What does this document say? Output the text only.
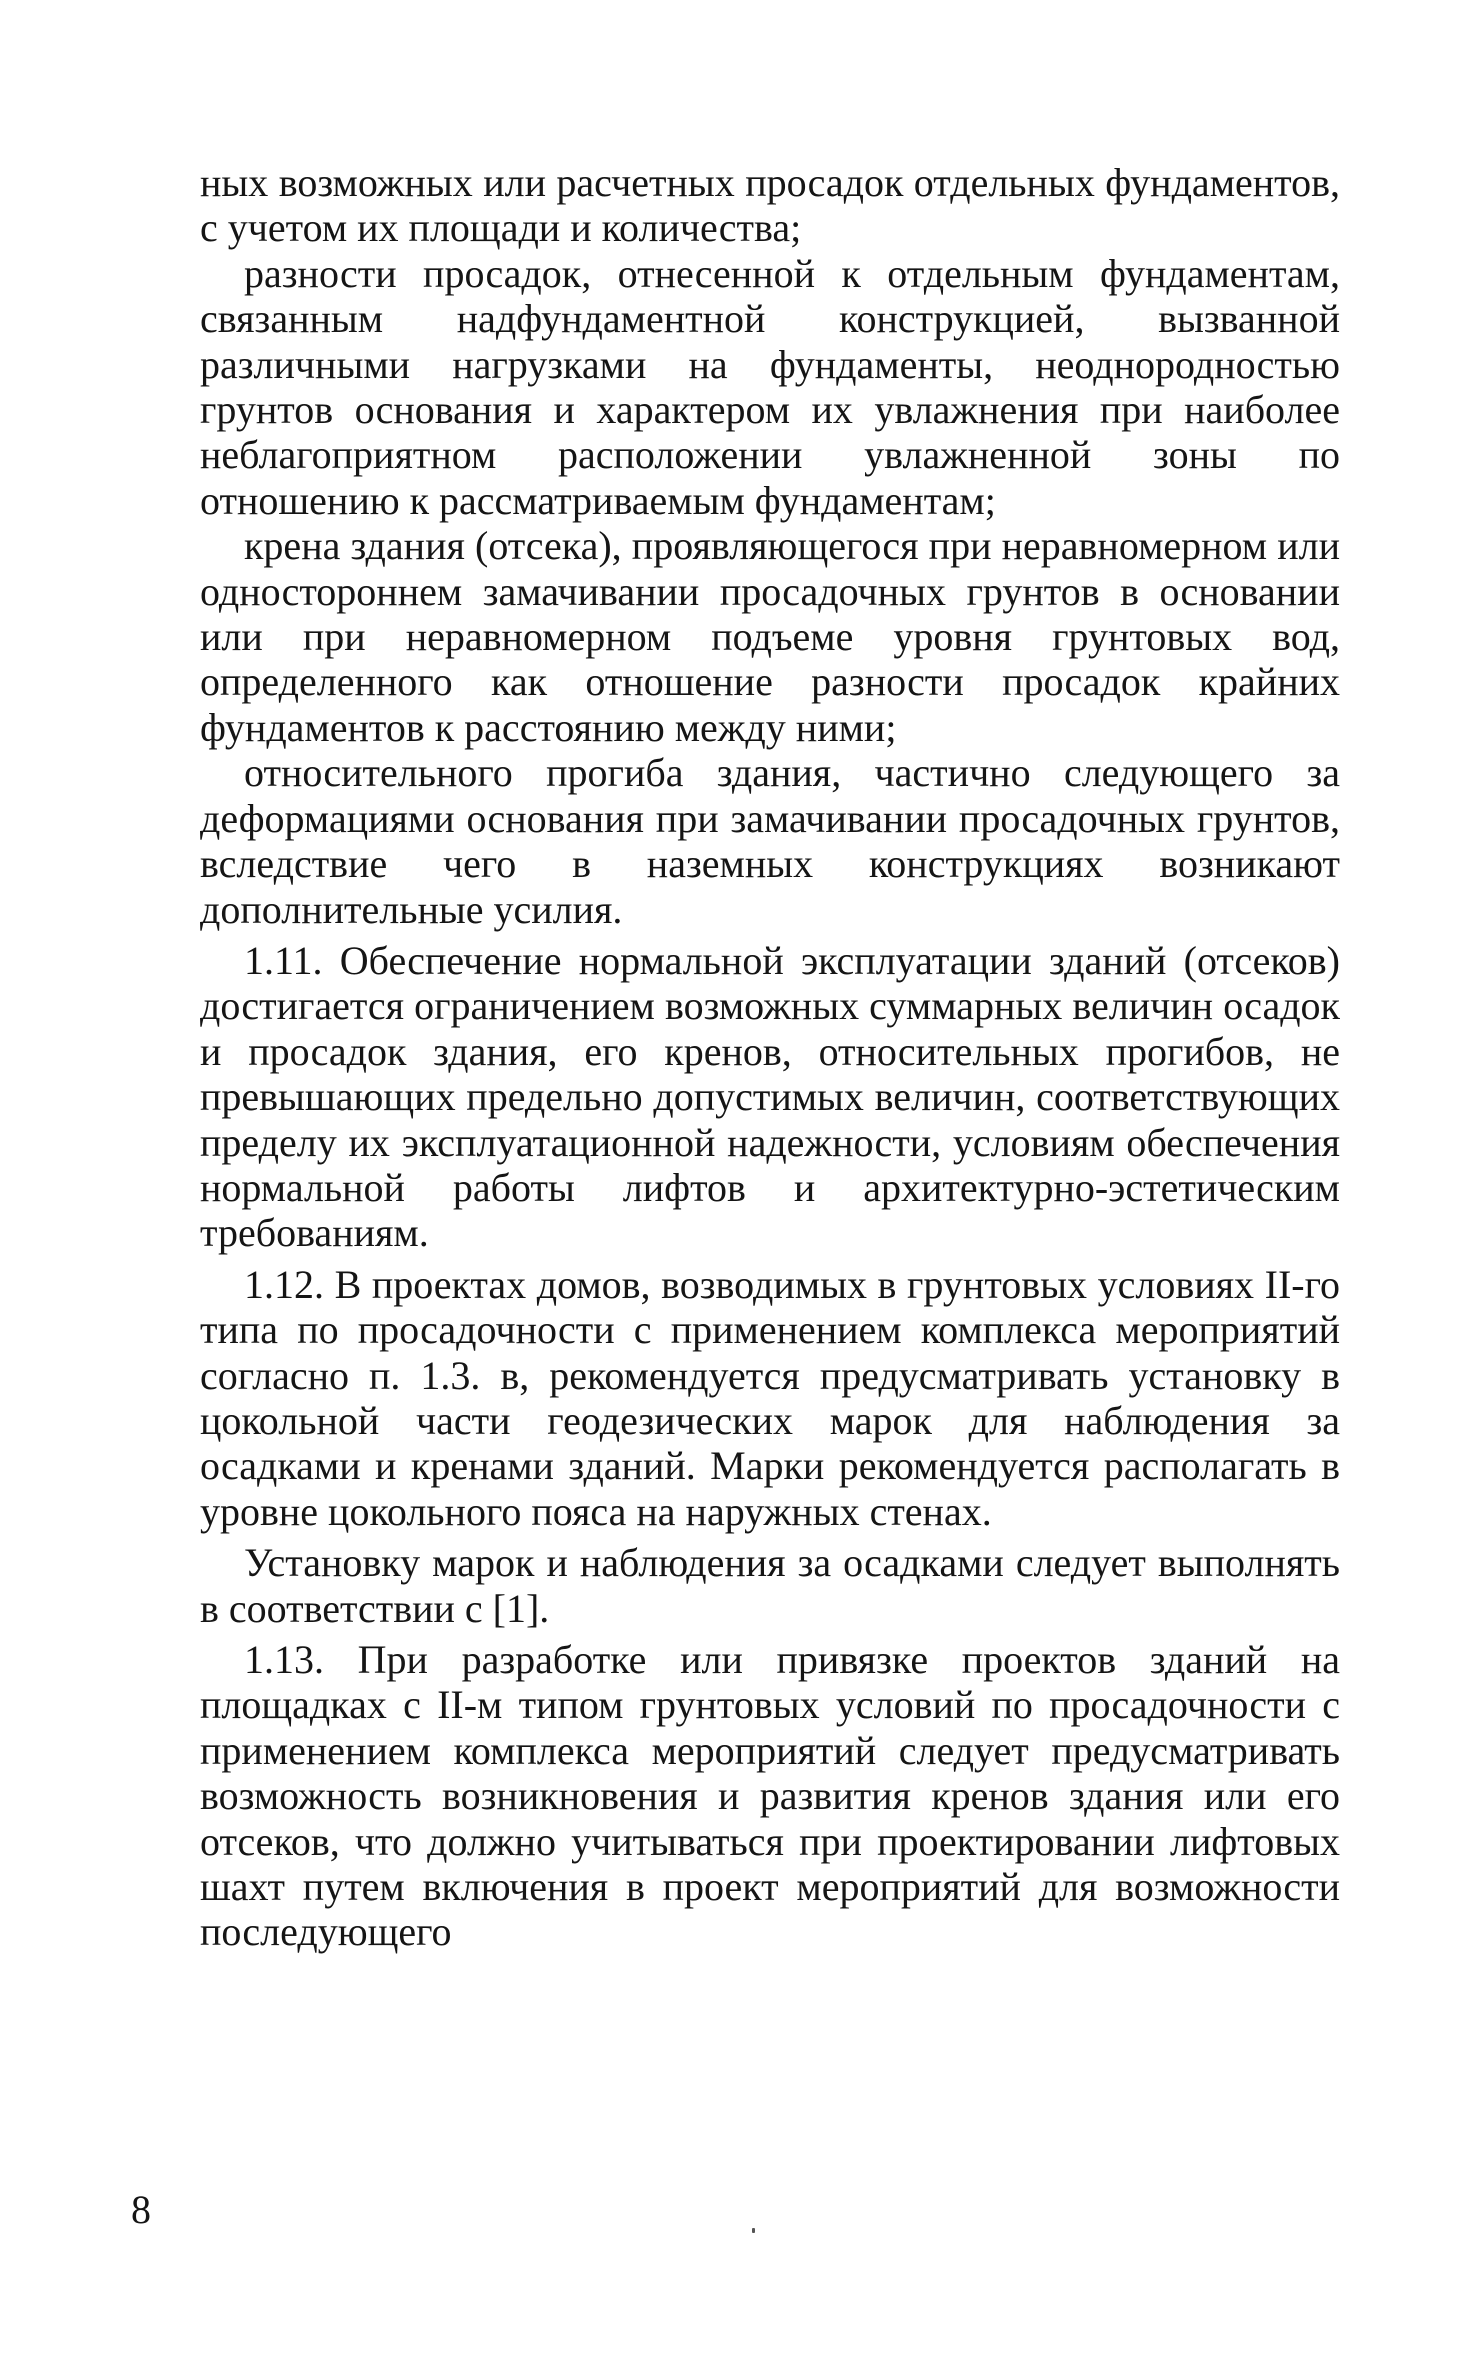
ных возможных или расчетных просадок отдельных фундаментов, с учетом их площади и количества;

разности просадок, отнесенной к отдельным фундаментам, связанным надфундаментной конструкцией, вызванной различными нагрузками на фундаменты, неоднородностью грунтов основания и характером их увлажнения при наиболее неблагоприятном расположении увлажненной зоны по отношению к рассматриваемым фундаментам;

крена здания (отсека), проявляющегося при неравномерном или одностороннем замачивании просадочных грунтов в основании или при неравномерном подъеме уровня грунтовых вод, определенного как отношение разности просадок крайних фундаментов к расстоянию между ними;

относительного прогиба здания, частично следующего за деформациями основания при замачивании просадочных грунтов, вследствие чего в наземных конструкциях возникают дополнительные усилия.

1.11. Обеспечение нормальной эксплуатации зданий (отсеков) достигается ограничением возможных суммарных величин осадок и просадок здания, его кренов, относительных прогибов, не превышающих предельно допустимых величин, соответствующих пределу их эксплуатационной надежности, условиям обеспечения нормальной работы лифтов и архитектурно-эстетическим требованиям.

1.12. В проектах домов, возводимых в грунтовых условиях II-го типа по просадочности с применением комплекса мероприятий согласно п. 1.3. в, рекомендуется предусматривать установку в цокольной части геодезических марок для наблюдения за осадками и кренами зданий. Марки рекомендуется располагать в уровне цокольного пояса на наружных стенах.

Установку марок и наблюдения за осадками следует выполнять в соответствии с [1].

1.13. При разработке или привязке проектов зданий на площадках с II-м типом грунтовых условий по просадочности с применением комплекса мероприятий следует предусматривать возможность возникновения и развития кренов здания или его отсеков, что должно учитываться при проектировании лифтовых шахт путем включения в проект мероприятий для возможности последующего

8
